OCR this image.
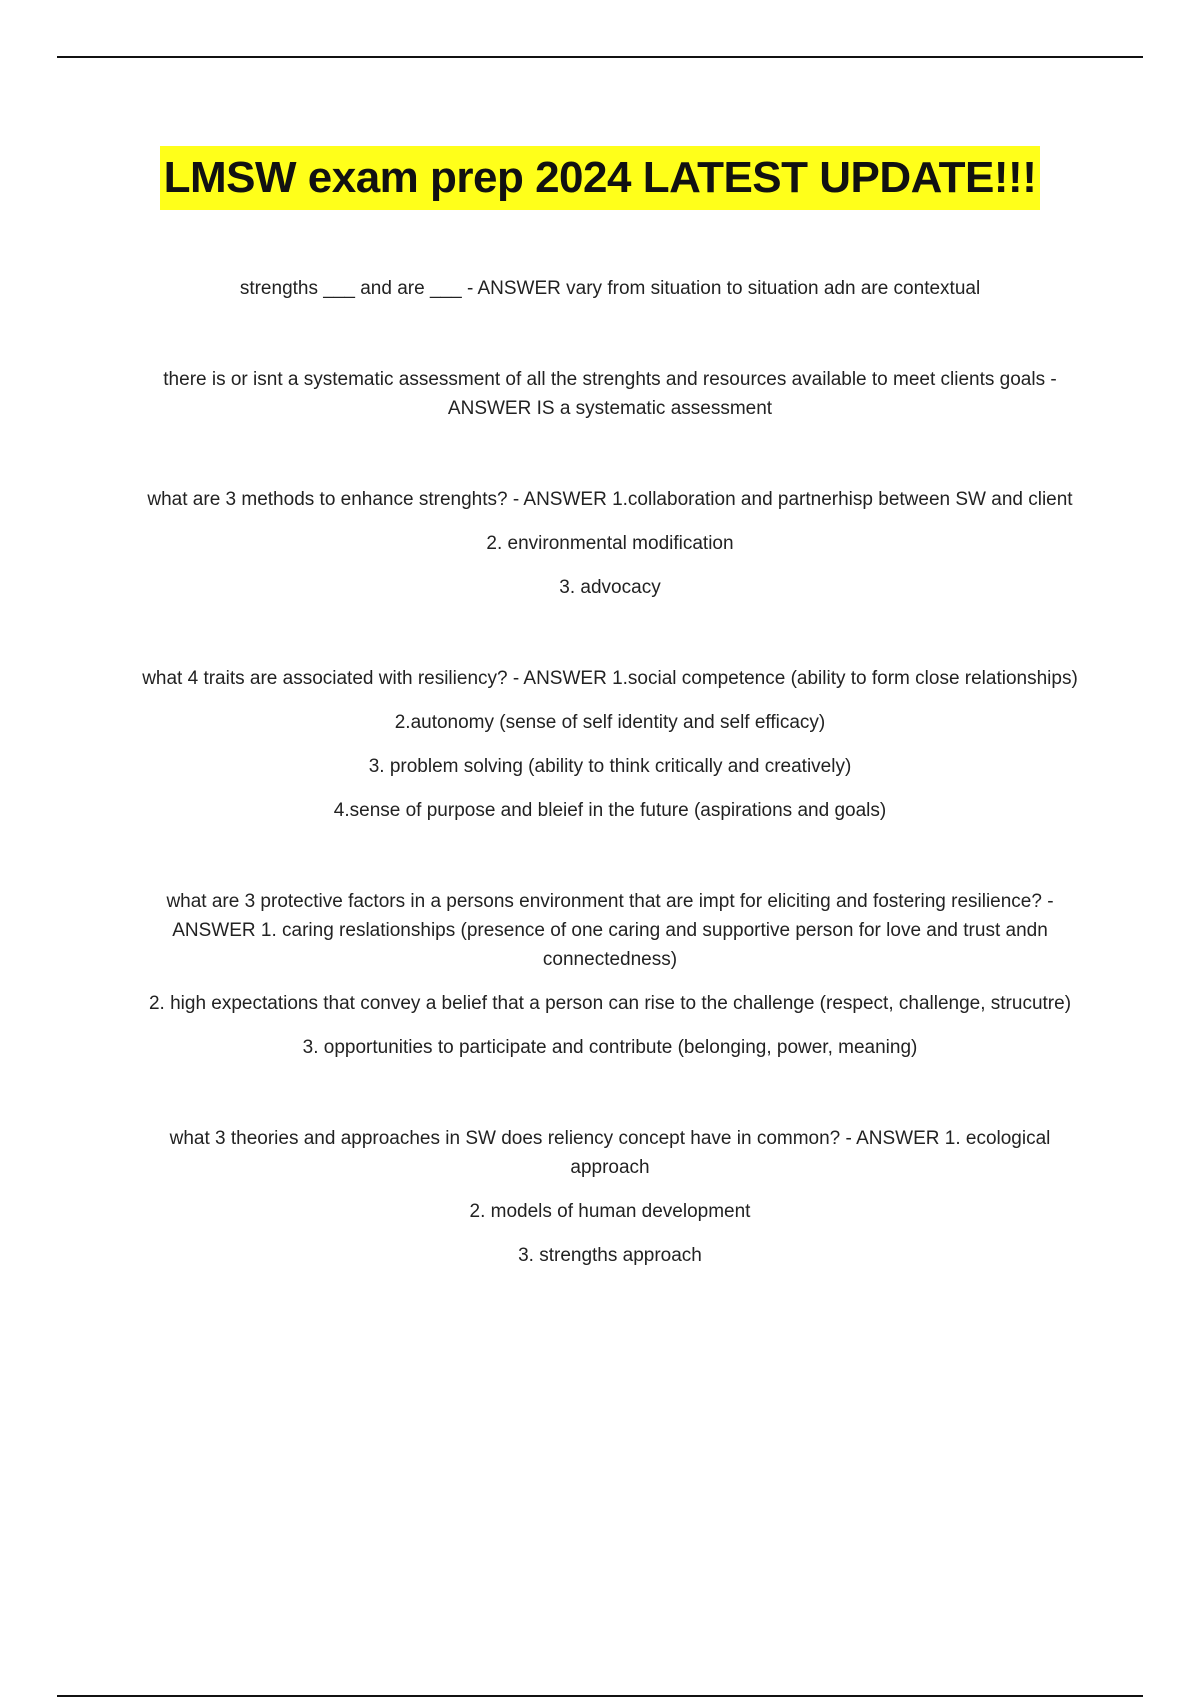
LMSW exam prep 2024 LATEST UPDATE!!!

strengths ___ and are ___ - ANSWER vary from situation to situation adn are contextual

there is or isnt a systematic assessment of all the strenghts and resources available to meet clients goals - ANSWER IS a systematic assessment

what are 3 methods to enhance strenghts? - ANSWER 1.collaboration and partnerhisp between SW and client

2. environmental modification

3. advocacy

what 4 traits are associated with resiliency? - ANSWER 1.social competence (ability to form close relationships)

2.autonomy (sense of self identity and self efficacy)

3. problem solving (ability to think critically and creatively)

4.sense of purpose and bleief in the future (aspirations and goals)

what are 3 protective factors in a persons environment that are impt for eliciting and fostering resilience? - ANSWER 1. caring reslationships (presence of one caring and supportive person for love and trust andn connectedness)

2. high expectations that convey a belief that a person can rise to the challenge (respect, challenge, strucutre)

3. opportunities to participate and contribute (belonging, power, meaning)

what 3 theories and approaches in SW does reliency concept have in common? - ANSWER 1. ecological approach

2. models of human development

3. strengths approach
